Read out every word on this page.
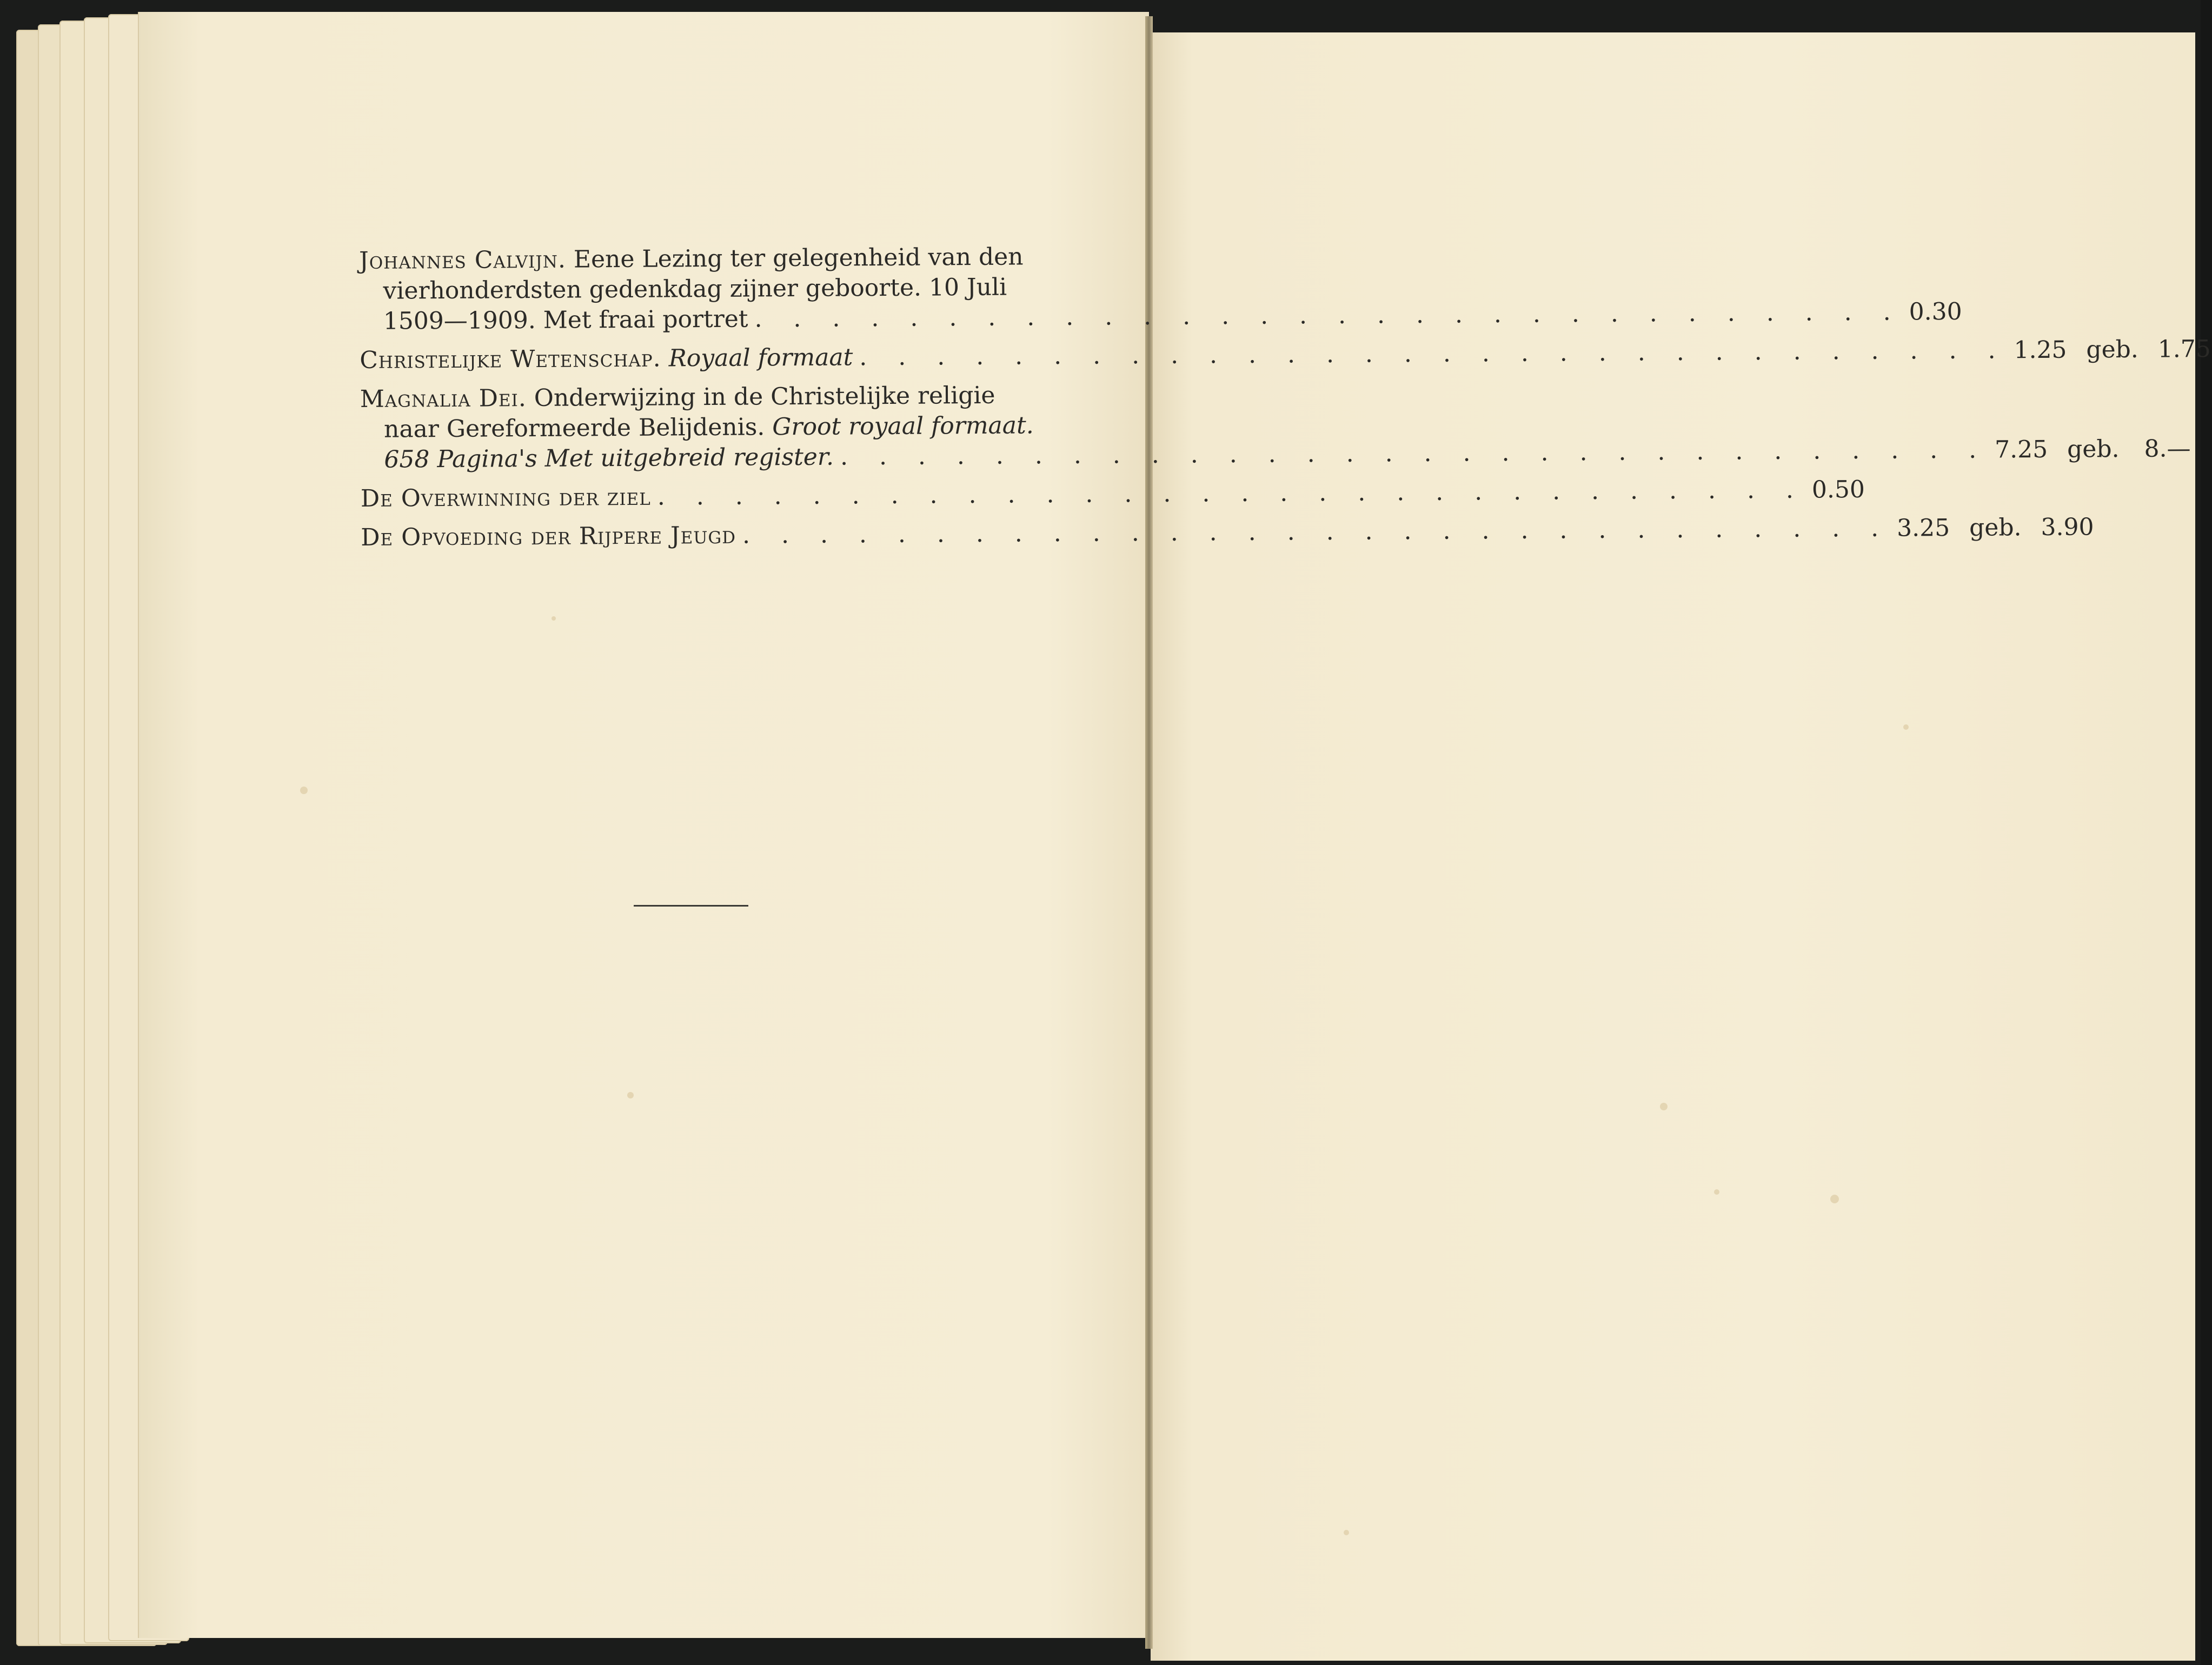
Johannes Calvijn.
Eene Lezing ter gelegenheid van den
vierhonderdsten gedenkdag zijner geboorte. 10 Juli
1509—1909. Met fraai portret . . . . . . . . . . . . . . . . . . . . . . . . . . . . . . 0.30
Christelijke Wetenschap.
Royaal formaat . . . . . . . . . . . . . . . . . . . . . . . . . . . . . . 1.25 geb. 1.75
Magnalia Dei.
Onderwijzing in de Christelijke religie
naar Gereformeerde Belijdenis.
Groot royaal formaat.
658 Pagina's Met uitgebreid register. . . . . . . . . . . . . . . . . . . . . . . . . . . . . . . 7.25 geb. 8.—
De Overwinning der ziel . . . . . . . . . . . . . . . . . . . . . . . . . . . . . . 0.50
De Opvoeding der Rijpere Jeugd . . . . . . . . . . . . . . . . . . . . . . . . . . . . . . 3.25 geb. 3.90
